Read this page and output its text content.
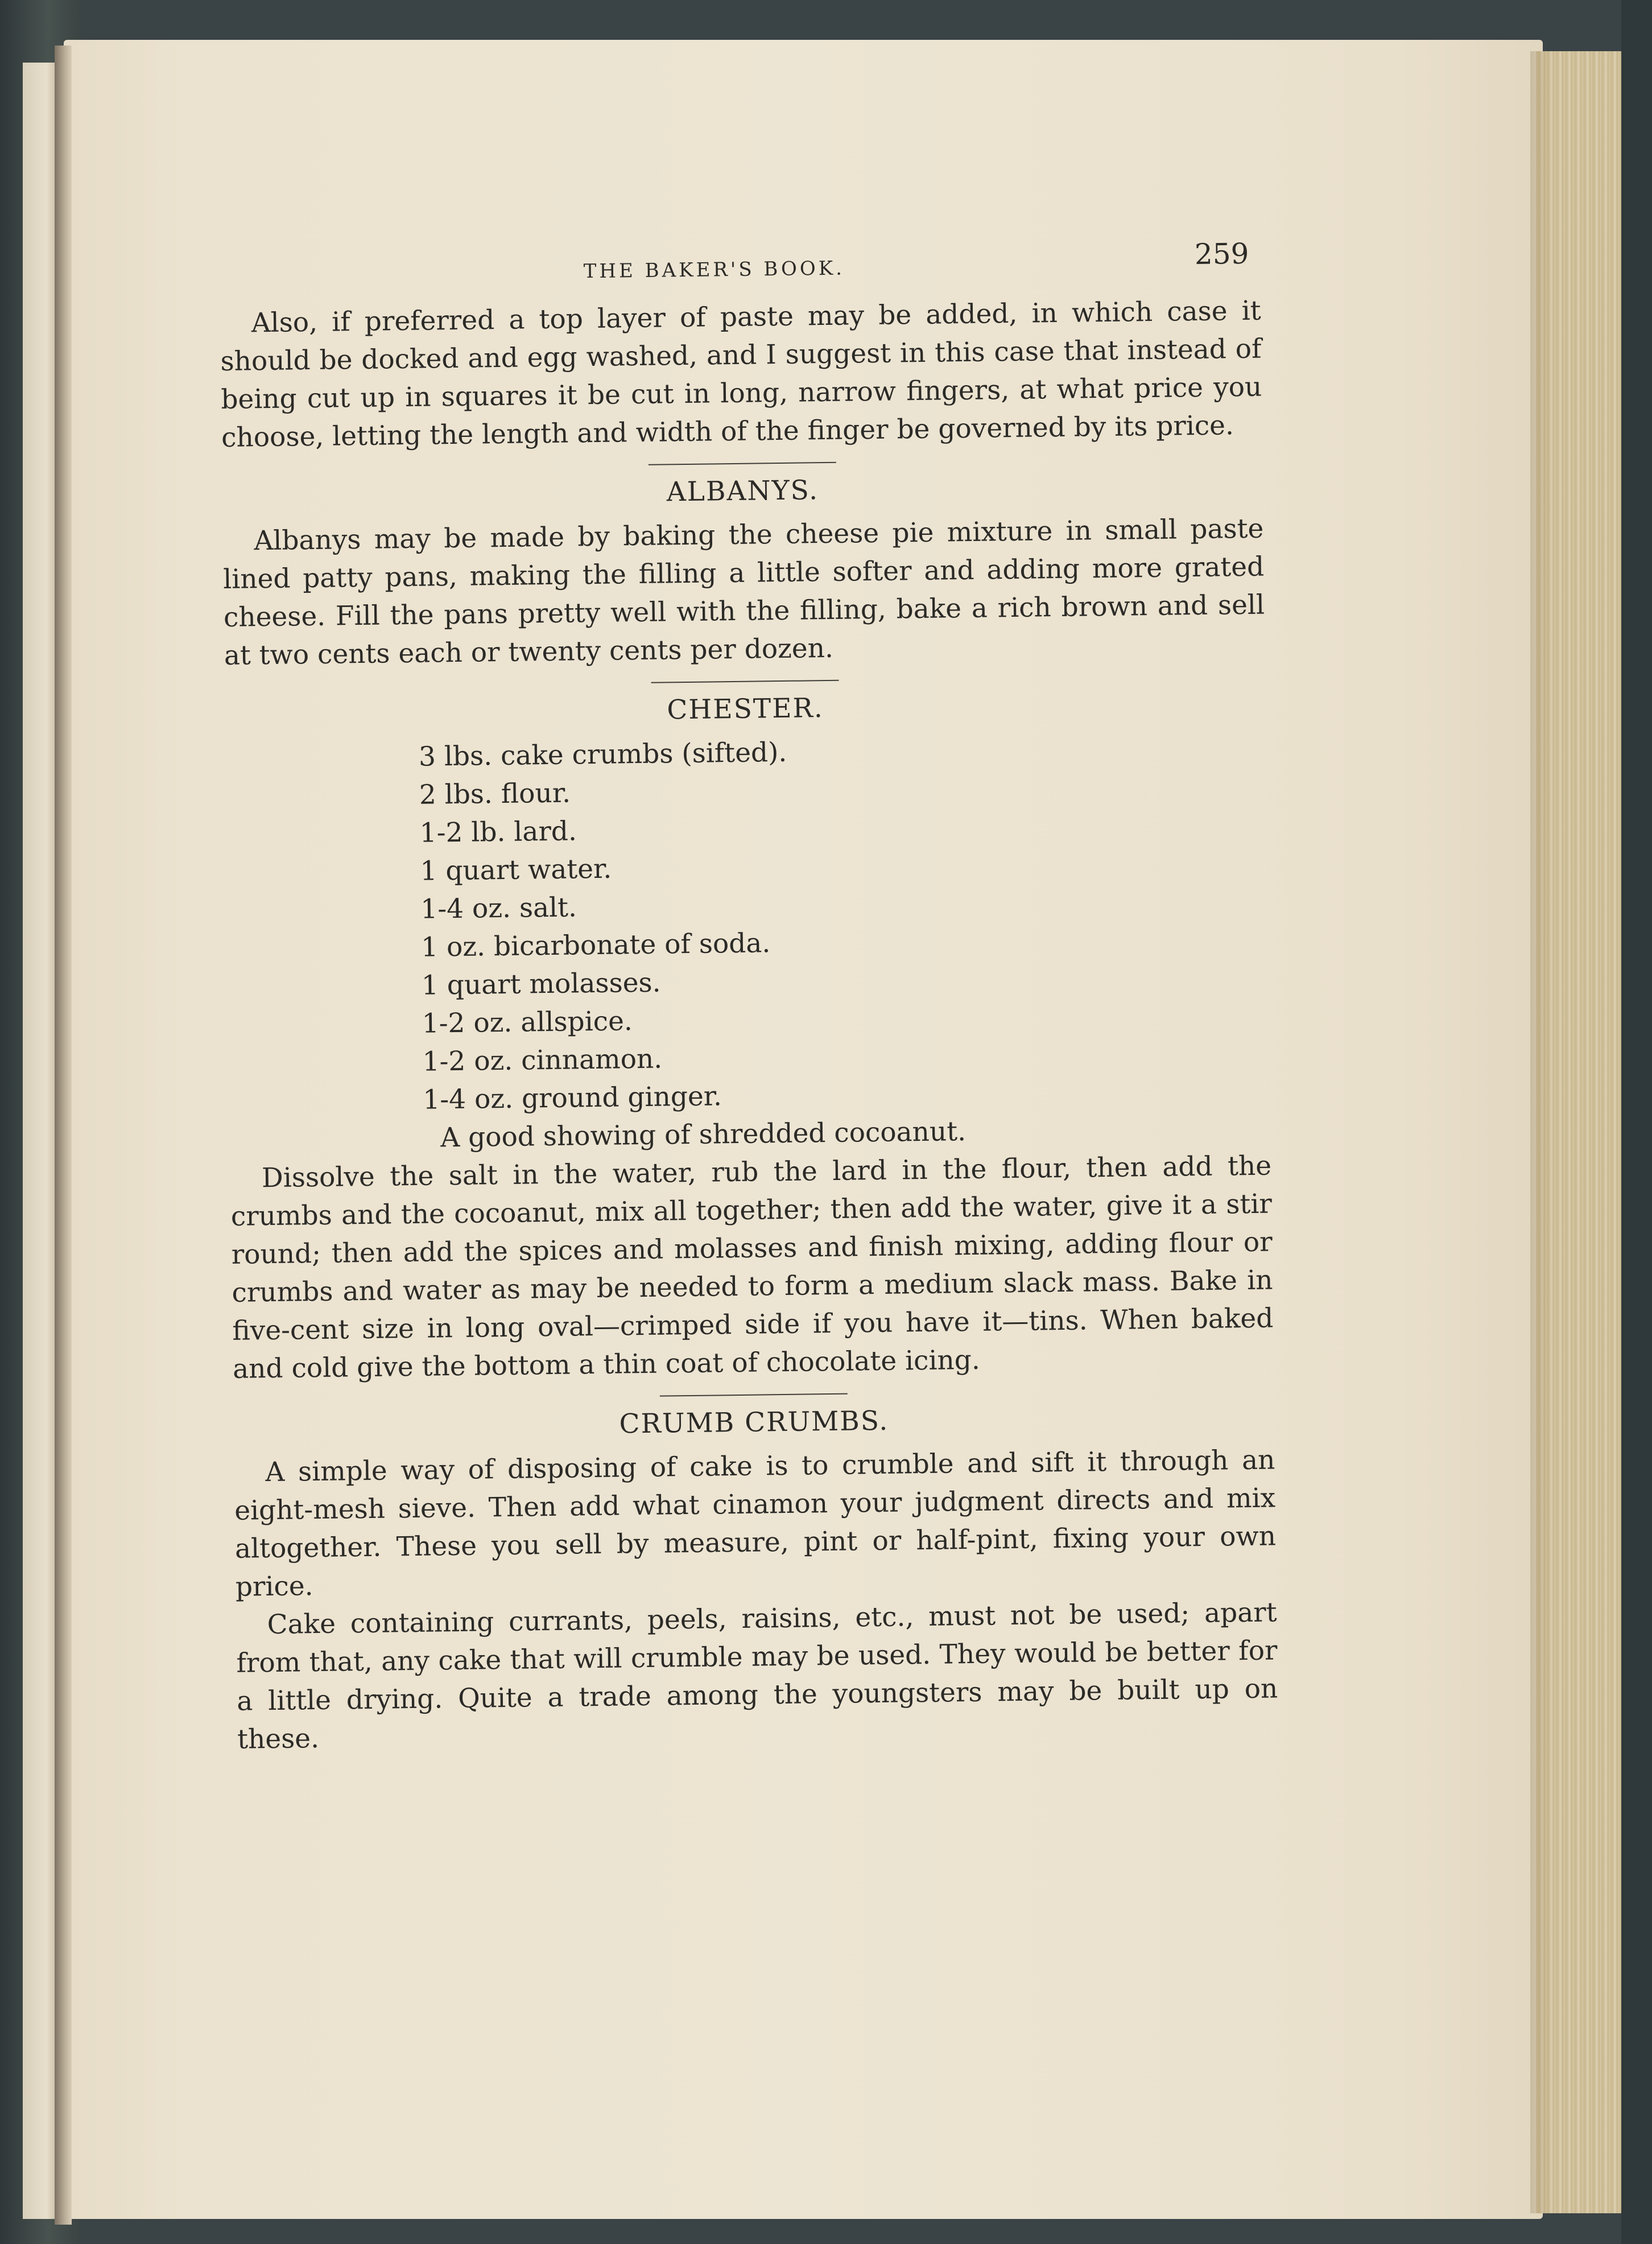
THE BAKER'S BOOK.	259

Also, if preferred a top layer of paste may be added, in which case it should be docked and egg washed, and I suggest in this case that instead of being cut up in squares it be cut in long, narrow fingers, at what price you choose, letting the length and width of the finger be governed by its price.

ALBANYS.

Albanys may be made by baking the cheese pie mixture in small paste lined patty pans, making the filling a little softer and adding more grated cheese. Fill the pans pretty well with the filling, bake a rich brown and sell at two cents each or twenty cents per dozen.

CHESTER.
3 lbs. cake crumbs (sifted).
2 lbs. flour.
1-2 lb. lard.
1 quart water.
1-4 oz. salt.
1 oz. bicarbonate of soda.
1 quart molasses.
1-2 oz. allspice.
1-2 oz. cinnamon.
1-4 oz. ground ginger.
A good showing of shredded cocoanut.

Dissolve the salt in the water, rub the lard in the flour, then add the crumbs and the cocoanut, mix all together; then add the water, give it a stir round; then add the spices and molasses and finish mixing, adding flour or crumbs and water as may be needed to form a medium slack mass. Bake in five-cent size in long oval—crimped side if you have it—tins. When baked and cold give the bottom a thin coat of chocolate icing.

CRUMB CRUMBS.

A simple way of disposing of cake is to crumble and sift it through an eight-mesh sieve. Then add what cinamon your judgment directs and mix altogether. These you sell by measure, pint or half-pint, fixing your own price.

Cake containing currants, peels, raisins, etc., must not be used; apart from that, any cake that will crumble may be used. They would be better for a little drying. Quite a trade among the youngsters may be built up on these.
